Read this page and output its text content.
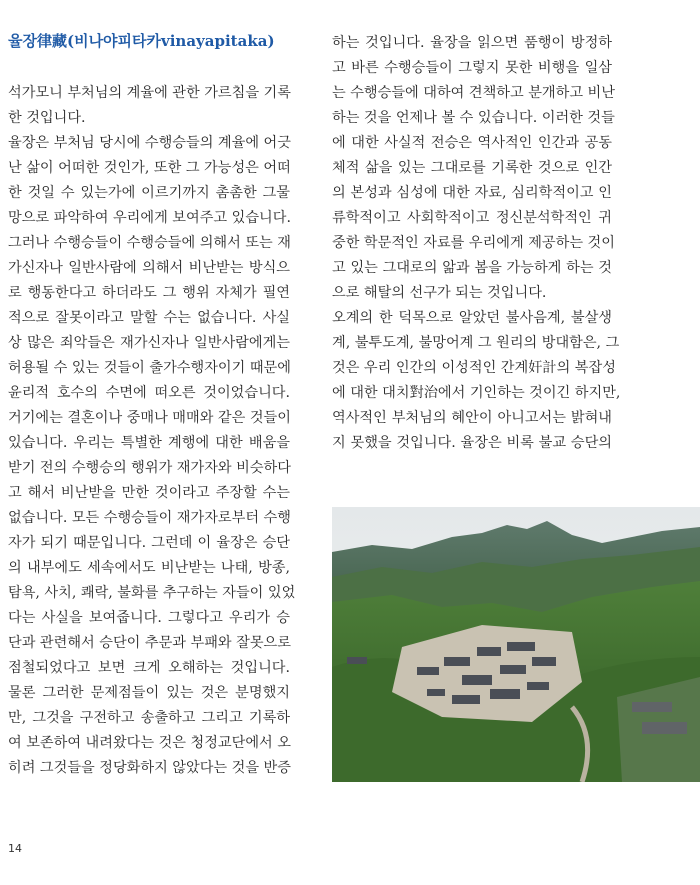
율장律藏(비나야피타카vinayapitaka)
석가모니 부처님의 계율에 관한 가르침을 기록
한 것입니다.
율장은 부처님 당시에 수행승들의 계율에 어긋
난 삶이 어떠한 것인가, 또한 그 가능성은 어떠
한 것일 수 있는가에 이르기까지 촘촘한 그물
망으로 파악하여 우리에게 보여주고 있습니다.
그러나 수행승들이 수행승들에 의해서 또는 재
가신자나 일반사람에 의해서 비난받는 방식으
로 행동한다고 하더라도 그 행위 자체가 필연
적으로 잘못이라고 말할 수는 없습니다. 사실
상 많은 죄악들은 재가신자나 일반사람에게는
허용될 수 있는 것들이 출가수행자이기 때문에
윤리적 호수의 수면에 떠오른 것이었습니다.
거기에는 결혼이나 중매나 매매와 같은 것들이
있습니다. 우리는 특별한 계행에 대한 배움을
받기 전의 수행승의 행위가 재가자와 비슷하다
고 해서 비난받을 만한 것이라고 주장할 수는
없습니다. 모든 수행승들이 재가자로부터 수행
자가 되기 때문입니다. 그런데 이 율장은 승단
의 내부에도 세속에서도 비난받는 나태, 방종,
탐욕, 사치, 쾌락, 불화를 추구하는 자들이 있었
다는 사실을 보여줍니다. 그렇다고 우리가 승
단과 관련해서 승단이 추문과 부패와 잘못으로
점철되었다고 보면 크게 오해하는 것입니다.
물론 그러한 문제점들이 있는 것은 분명했지
만, 그것을 구전하고 송출하고 그리고 기록하
여 보존하여 내려왔다는 것은 청정교단에서 오
히려 그것들을 정당화하지 않았다는 것을 반증
하는 것입니다. 율장을 읽으면 품행이 방정하
고 바른 수행승들이 그렇지 못한 비행을 일삼
는 수행승들에 대하여 견책하고 분개하고 비난
하는 것을 언제나 볼 수 있습니다. 이러한 것들
에 대한 사실적 전승은 역사적인 인간과 공동
체적 삶을 있는 그대로를 기록한 것으로 인간
의 본성과 심성에 대한 자료, 심리학적이고 인
류학적이고 사회학적이고 정신분석학적인 귀
중한 학문적인 자료를 우리에게 제공하는 것이
고 있는 그대로의 앎과 봄을 가능하게 하는 것
으로 해탈의 선구가 되는 것입니다.
오계의 한 덕목으로 알았던 불사음계, 불살생
계, 불투도계, 불망어계 그 원리의 방대함은, 그
것은 우리 인간의 이성적인 간계奸計의 복잡성
에 대한 대치對治에서 기인하는 것이긴 하지만,
역사적인 부처님의 혜안이 아니고서는 밝혀내
지 못했을 것입니다. 율장은 비록 불교 승단의
14
